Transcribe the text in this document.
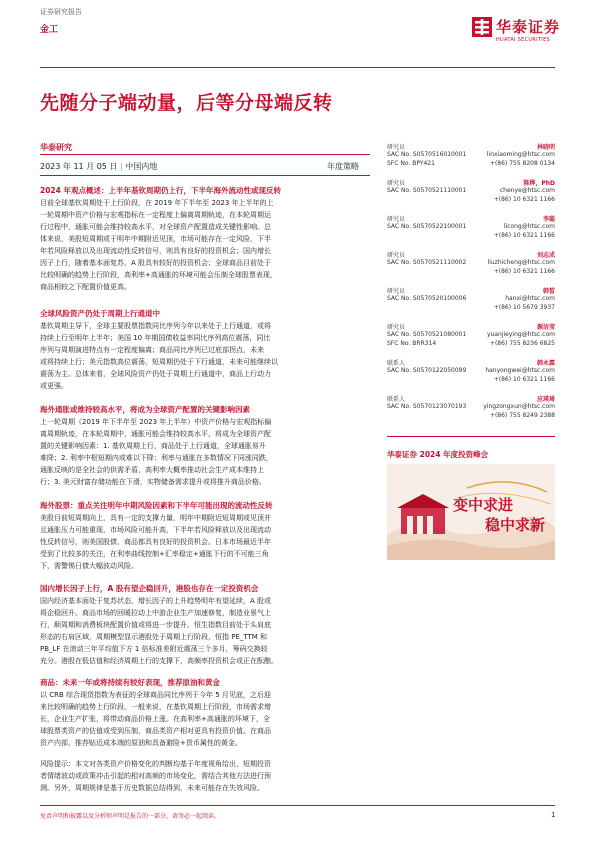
证券研究报告
金工	华泰证券
HUATAI SECURITIES
先随分子端动量，后等分母端反转
华泰研究
2023 年 11 月 05 日 | 中国内地	年度策略
2024 年观点概述：上半年基钦周期仍上行，下半年海外流动性或现反转
目前全球基钦周期处于上行阶段，在 2019 年下半年至 2023 年上半年的上
一轮周期中资产价格与宏观指标在一定程度上偏离周期轨迹，在本轮周期运
行过程中，通胀可能会维持较高水平，对全球资产配置造成关键性影响。总
体来说，美股短周期或于明年中期附近见顶，市场可能存在一定风险，下半
年若风险释放以及出现流动性反转信号，则具有良好的投资机会；国内增长
因子上行，随着基本面复苏，A 股具有较好的投资机会；全球商品目前处于
比较明确的趋势上行阶段，高利率+高通胀的环境可能会压制全球股票表现，
商品相较之下配置价值更高。
全球风险资产仍处于周期上行通道中
基钦周期主导下，全球主要股票指数同比序列今年以来处于上行通道，或将
持续上行至明年上半年；美国 10 年期国债收益率同比序列高位震荡，同比
序列与周期演进特点有一定程度偏离；商品同比序列已过底部拐点，未来
或将持续上行；美元指数高位震荡，短周期仍处于下行通道，未来可能继续以
震荡为主。总体来看，全球风险资产仍处于周期上行通道中，商品上行动力
或更强。
海外通胀或维持较高水平，将成为全球资产配置的关键影响因素
上一轮周期（2019 年下半年至 2023 年上半年）中资产价格与宏观指标偏
离周期轨迹，在本轮周期中，通胀可能会维持较高水平，将成为全球资产配
置的关键影响因素：1. 基钦周期上行，商品处于上行通道，全球通胀易升
难降；2. 利率中枢短期内或难以下降：利率与通胀在多数情况下同涨同跌，
通胀反映的是全社会的供需矛盾，高利率大概率推动社会生产成本维持上
行；3. 美元财富存储功能在下滑，实物储备需求提升或将推升商品价格。
海外股票：重点关注明年中期风险因素和下半年可能出现的流动性反转
美股目前短周期向上，具有一定的支撑力量，明年中期附近短周期或见顶并
且通胀压力可能重现，市场风险可能升高，下半年若风险释放以及出现流动
性反转信号，则美国股债、商品都具有良好的投资机会。日本市场最近半年
受到了比较多的关注，在利率曲线控制+汇率稳定+通胀下行的不可能三角
下，需警惕日债大幅波动风险。
国内增长因子上行，A 股有望企稳回升，港股也存在一定投资机会
国内经济基本面处于复苏状态，增长因子的上升趋势明年有望延续，A 股或
将企稳回升。商品市场的回暖拉动上中游企业生产加速修复，制造业景气上
行，顺周期和消费板块配置价值或将进一步提升。恒生指数目前处于头肩底
形态的右肩区域，周期模型显示港股处于周期上行阶段，恒指 PE_TTM 和
PB_LF 在滚动三年平均值下方 1 倍标准差附近震荡三个多月，筹码交换较
充分。港股在低估值和经济周期上行的支撑下，高频率投资机会或正在酝酿。
商品：未来一年或将持续有较好表现，推荐原油和黄金
以 CRB 综合现货指数为表征的全球商品同比序列于今年 5 月见底，之后迎
来比较明确的趋势上行阶段。一般来说，在基钦周期上行阶段，市场需求增
长，企业生产扩张，将带动商品价格上涨。在高利率+高通胀的环境下，全
球股票类资产的估值或受到压制，商品类资产相对更具有投资价值。在商品
资产内部，推荐贴近成本端的原油和具备避险+货币属性的黄金。
风险提示：本文对各类资产价格变化的判断均基于年度视角给出，短期投资
者情绪波动或政策冲击引起的相对高频的市场变化，需结合其他方法进行预
测。另外，周期规律是基于历史数据总结得到，未来可能存在失效风险。
研究员	林晓明
SAC No. S0570516010001	linxiaoming@htsc.com
SFC No. BPY421	+(86) 755 8208 0134
研究员	陈烨，PhD
SAC No. S0570521110001	chenye@htsc.com
+(86) 10 6321 1166
研究员	李聪
SAC No. S0570522100001	licong@htsc.com
+(86) 10 6321 1166
研究员	刘志成
SAC No. S0570521110002	liuzhicheng@htsc.com
+(86) 10 6321 1166
研究员	韩晳
SAC No. S0570520100006	hanxi@htsc.com
+(86) 10 5679 3937
研究员	源洁莹
SAC No. S0570521080001	yuanjieying@htsc.com
SFC No. BRR314	+(86) 755 8236 6825
联系人	韩永霖
SAC No. S0570122050099	hanyongwei@htsc.com
+(86) 10 6321 1166
联系人	应瑛琦
SAC No. S0570123070193	yingzongxun@htsc.com
+(86) 755 8249 2388
华泰证券 2024 年度投资峰会
变中求进
稳中求新
免责声明和披露以及分析师声明是报告的一部分，请务必一起阅读。	1
